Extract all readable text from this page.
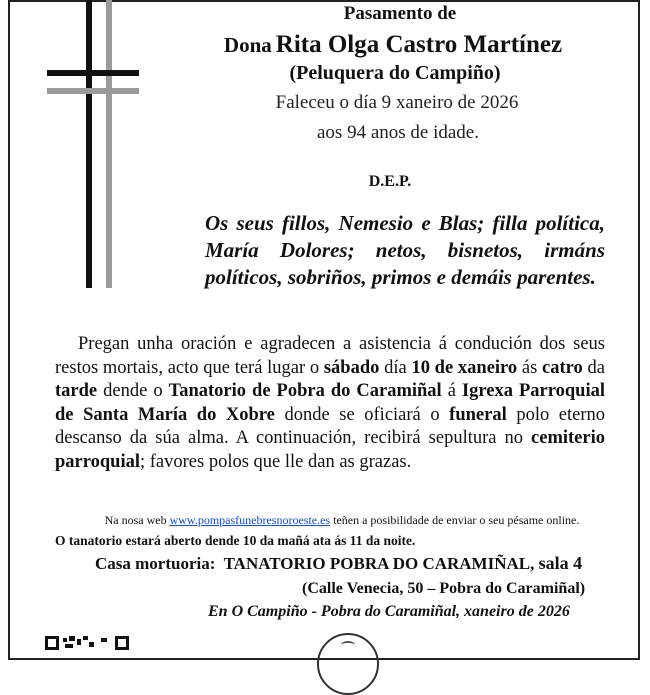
Pasamento de
Dona Rita Olga Castro Martínez
(Peluquera do Campiño)
Faleceu o día 9 xaneiro de 2026
aos 94 anos de idade.
D.E.P.
Os seus fillos, Nemesio e Blas; filla política, María Dolores; netos, bisnetos, irmáns políticos, sobriños, primos e demáis parentes.
Pregan unha oración e agradecen a asistencia á condución dos seus restos mortais, acto que terá lugar o sábado día 10 de xaneiro ás catro da tarde dende o Tanatorio de Pobra do Caramiñal á Igrexa Parroquial de Santa María do Xobre donde se oficiará o funeral polo eterno descanso da súa alma. A continuación, recibirá sepultura no cemiterio parroquial; favores polos que lle dan as grazas.
Na nosa web www.pompasfunebresnoroeste.es teñen a posibilidade de enviar o seu pésame online.
O tanatorio estará aberto dende 10 da mañá ata ás 11 da noite.
Casa mortuoria: TANATORIO POBRA DO CARAMIÑAL, sala 4
(Calle Venecia, 50 – Pobra do Caramiñal)
En O Campiño - Pobra do Caramiñal, xaneiro de 2026
